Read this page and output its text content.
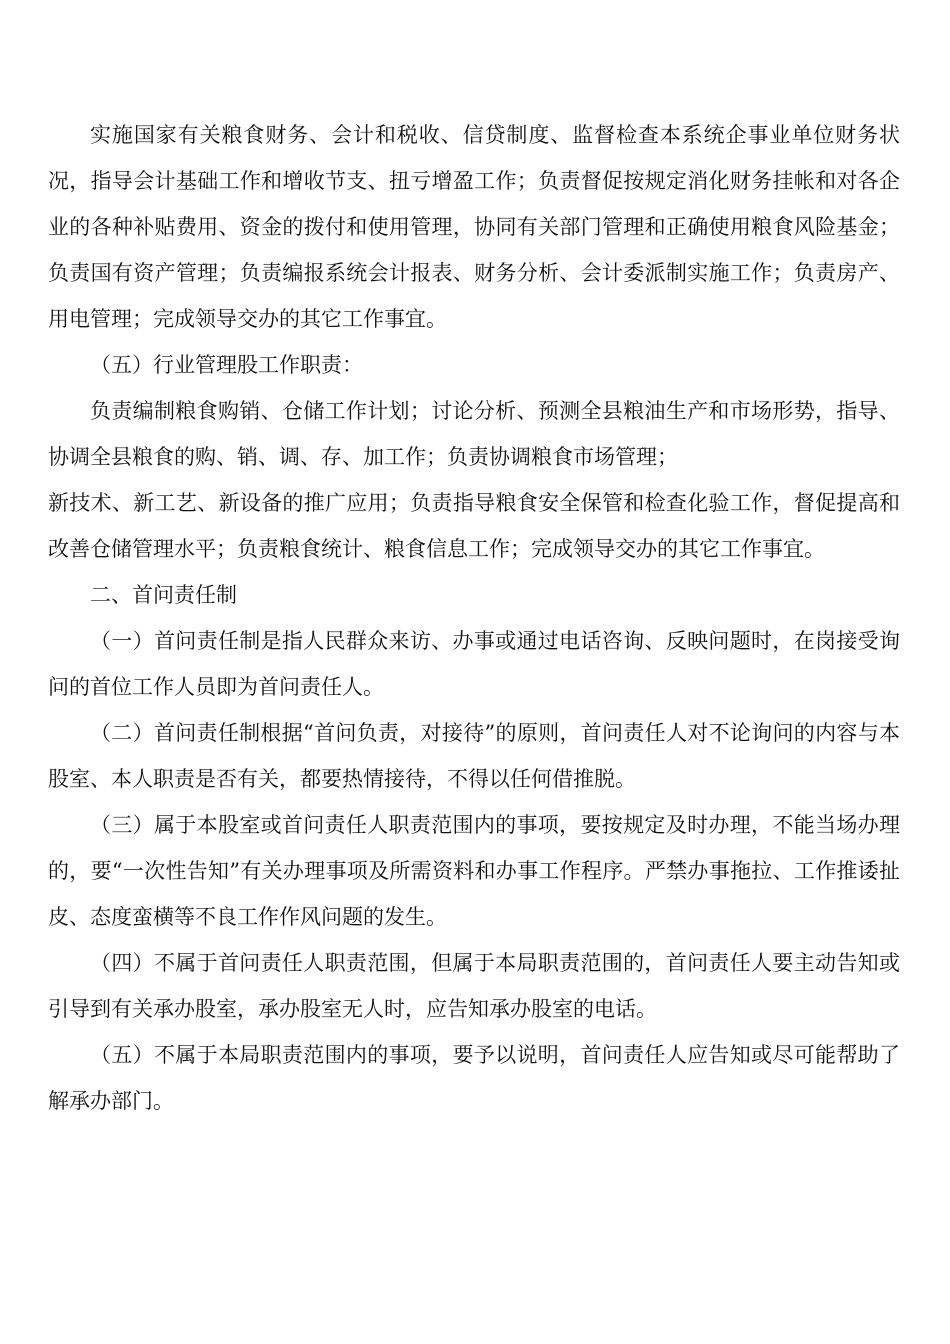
实施国家有关粮食财务、会计和税收、信贷制度、监督检查本系统企事业单位财务状况，指导会计基础工作和增收节支、扭亏增盈工作；负责督促按规定消化财务挂帐和对各企业的各种补贴费用、资金的拨付和使用管理，协同有关部门管理和正确使用粮食风险基金；负责国有资产管理；负责编报系统会计报表、财务分析、会计委派制实施工作；负责房产、用电管理；完成领导交办的其它工作事宜。

（五）行业管理股工作职责：

负责编制粮食购销、仓储工作计划；讨论分析、预测全县粮油生产和市场形势，指导、协调全县粮食的购、销、调、存、加工作；负责协调粮食市场管理；

新技术、新工艺、新设备的推广应用；负责指导粮食安全保管和检查化验工作，督促提高和改善仓储管理水平；负责粮食统计、粮食信息工作；完成领导交办的其它工作事宜。

二、首问责任制

（一）首问责任制是指人民群众来访、办事或通过电话咨询、反映问题时，在岗接受询问的首位工作人员即为首问责任人。

（二）首问责任制根据“首问负责，对接待”的原则，首问责任人对不论询问的内容与本股室、本人职责是否有关，都要热情接待，不得以任何借推脱。

（三）属于本股室或首问责任人职责范围内的事项，要按规定及时办理，不能当场办理的，要“一次性告知”有关办理事项及所需资料和办事工作程序。严禁办事拖拉、工作推诿扯皮、态度蛮横等不良工作作风问题的发生。

（四）不属于首问责任人职责范围，但属于本局职责范围的，首问责任人要主动告知或引导到有关承办股室，承办股室无人时，应告知承办股室的电话。

（五）不属于本局职责范围内的事项，要予以说明，首问责任人应告知或尽可能帮助了解承办部门。
